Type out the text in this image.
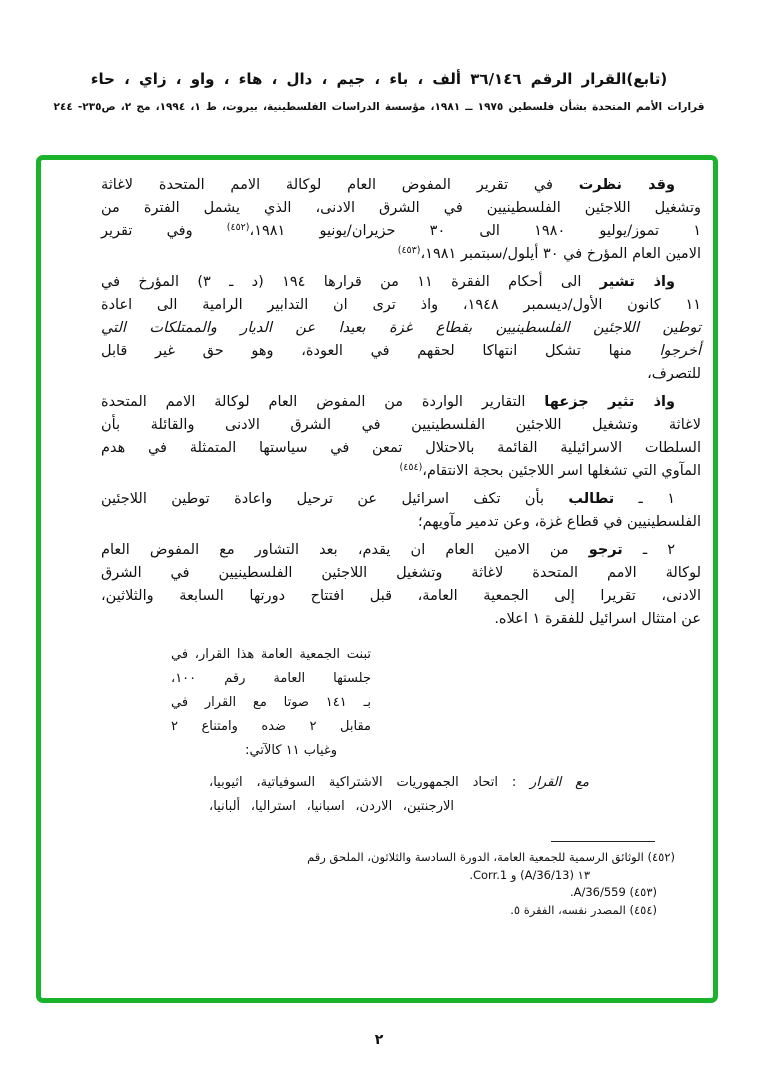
(تابع)القرار الرقم ٣٦/١٤٦ ألف ، باء ، جيم ، دال ، هاء ، واو ، زاي ، حاء
قرارات الأمم المتحدة بشأن فلسطين ١٩٧٥ ــ ١٩٨١، مؤسسة الدراسات الفلسطينية، بيروت، ط ١، ١٩٩٤، مج ٢، ص٢٣٥- ٢٤٤
وقد نظرت في تقرير المفوض العام لوكالة الامم المتحدة لاغاثة
وتشغيل اللاجئين الفلسطينيين في الشرق الادنى، الذي يشمل الفترة من
١ تموز/يوليو ١٩٨٠ الى ٣٠ حزيران/يونيو ١٩٨١،$^{(٤٥٢)}$ وفي تقرير
الامين العام المؤرخ في ٣٠ أيلول/سبتمبر ١٩٨١،$^{(٤٥٣)}$
واذ تشير الى أحكام الفقرة ١١ من قرارها ١٩٤ (د ـ ٣) المؤرخ في
١١ كانون الأول/ديسمبر ١٩٤٨، واذ ترى ان التدابير الرامية الى اعادة
توطين اللاجئين الفلسطينيين بقطاع غزة بعيدا عن الديار والممتلكات التي
أخرجوا منها تشكل انتهاكا لحقهم في العودة، وهو حق غير قابل
للتصرف،
واذ تثير جزعها التقارير الواردة من المفوض العام لوكالة الامم المتحدة
لاغاثة وتشغيل اللاجئين الفلسطينيين في الشرق الادنى والقائلة بأن
السلطات الاسرائيلية القائمة بالاحتلال تمعن في سياستها المتمثلة في هدم
المآوي التي تشغلها اسر اللاجئين بحجة الانتقام،$^{(٤٥٤)}$
١ ـ تطالب بأن تكف اسرائيل عن ترحيل واعادة توطين اللاجئين
الفلسطينيين في قطاع غزة، وعن تدمير مآويهم؛
٢ ـ ترجو من الامين العام ان يقدم، بعد التشاور مع المفوض العام
لوكالة الامم المتحدة لاغاثة وتشغيل اللاجئين الفلسطينيين في الشرق
الادنى، تقريرا إلى الجمعية العامة، قبل افتتاح دورتها السابعة والثلاثين،
عن امتثال اسرائيل للفقرة ١ اعلاه.
تبنت الجمعية العامة هذا القرار، في
جلستها العامة رقم ١٠٠،
بـ ١٤١ صوتا مع القرار في
مقابل ٢ ضده وامتناع ٢
وغياب ١١ كالآتي:
مع القرار : اتحاد الجمهوريات الاشتراكية السوفياتية، اثيوبيا،
الارجنتين، الاردن، اسبانيا، استراليا، ألبانيا،
(٤٥٢) الوثائق الرسمية للجمعية العامة، الدورة السادسة والثلاثون، الملحق رقم
١٣ (A/36/13) و Corr.1.
(٤٥٣) A/36/559.
(٤٥٤) المصدر نفسه، الفقرة ٥.
٢
